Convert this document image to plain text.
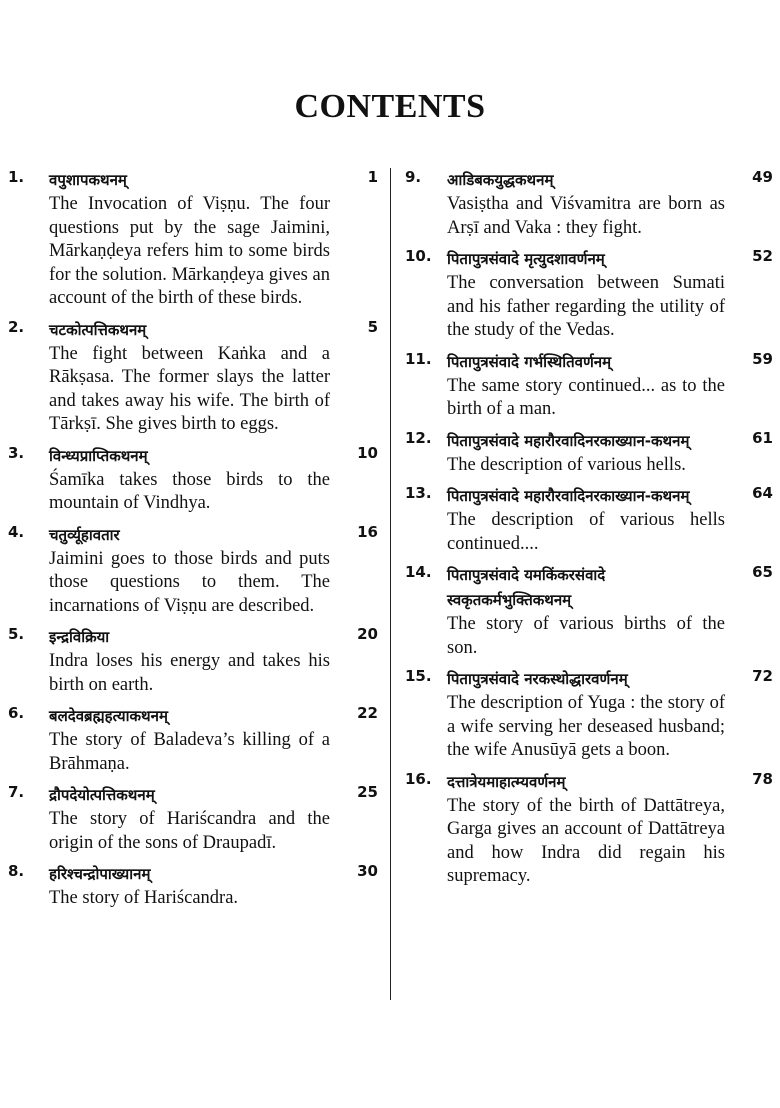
CONTENTS
1.	1
वपुशापकथनम्
The Invocation of Viṣṇu. The four questions put by the sage Jaimini, Mārkaṇḍeya refers him to some birds for the solution. Mārkaṇḍeya gives an account of the birth of these birds.
2.	5
चटकोत्पत्तिकथनम्
The fight between Kaṅka and a Rākṣasa. The former slays the latter and takes away his wife. The birth of Tārkṣī. She gives birth to eggs.
3.	10
विन्ध्यप्राप्तिकथनम्
Śamīka takes those birds to the mountain of Vindhya.
4.	16
चतुर्व्यूहावतार
Jaimini goes to those birds and puts those questions to them. The incarnations of Viṣṇu are described.
5.	20
इन्द्रविक्रिया
Indra loses his energy and takes his birth on earth.
6.	22
बलदेवब्रह्महत्याकथनम्
The story of Baladeva’s killing of a Brāhmaṇa.
7.	25
द्रौपदेयोत्पत्तिकथनम्
The story of Hariścandra and the origin of the sons of Draupadī.
8.	30
हरिश्चन्द्रोपाख्यानम्
The story of Hariścandra.
9.	49
आडिबकयुद्धकथनम्
Vasiṣtha and Viśvamitra are born as Arṣī and Vaka : they fight.
10.	52
पितापुत्रसंवादे मृत्युदशावर्णनम्
The conversation between Sumati and his father regarding the utility of the study of the Vedas.
11.	59
पितापुत्रसंवादे गर्भस्थितिवर्णनम्
The same story continued... as to the birth of a man.
12.	61
पितापुत्रसंवादे महारौरवादिनरकाख्यान-कथनम्
The description of various hells.
13.	64
पितापुत्रसंवादे महारौरवादिनरकाख्यान-कथनम्
The description of various hells continued....
14.	65
पितापुत्रसंवादे यमकिंकरसंवादे स्वकृतकर्मभुक्तिकथनम्
The story of various births of the son.
15.	72
पितापुत्रसंवादे नरकस्थोद्धारवर्णनम्
The description of Yuga : the story of a wife serving her deseased husband; the wife Anusūyā gets a boon.
16.	78
दत्तात्रेयमाहात्म्यवर्णनम्
The story of the birth of Dattātreya, Garga gives an account of Dattātreya and how Indra did regain his supremacy.
